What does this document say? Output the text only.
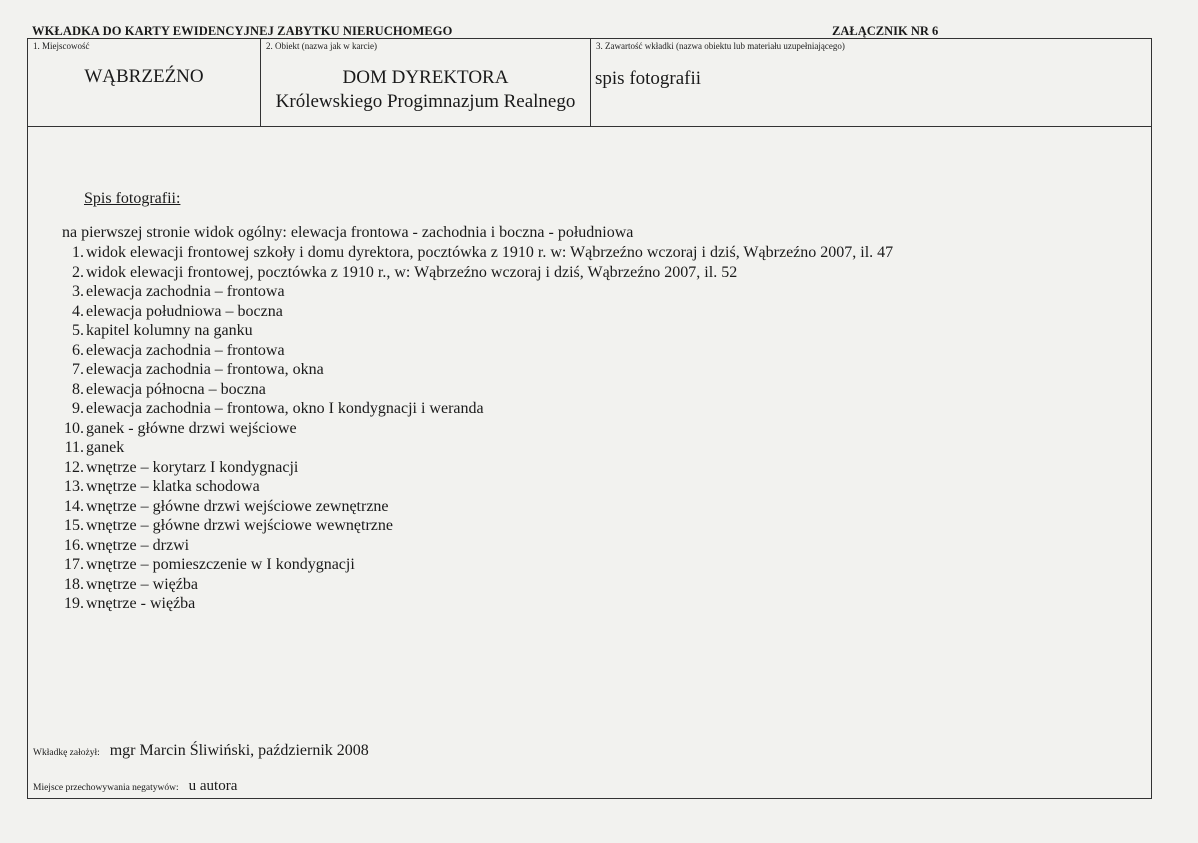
WKŁADKA DO KARTY EWIDENCYJNEJ ZABYTKU NIERUCHOMEGO	ZAŁĄCZNIK NR 6
1. Miejscowość
WĄBRZEŹNO
2. Obiekt (nazwa jak w karcie)
DOM DYREKTORA
Królewskiego Progimnazjum Realnego
3. Zawartość wkładki (nazwa obiektu lub materiału uzupełniającego)
spis fotografii
Spis fotografii:
na pierwszej stronie widok ogólny: elewacja frontowa - zachodnia i boczna - południowa
1. widok elewacji frontowej szkoły i domu dyrektora, pocztówka z 1910 r. w: Wąbrzeźno wczoraj i dziś, Wąbrzeźno 2007, il. 47
2. widok elewacji frontowej, pocztówka z 1910 r., w: Wąbrzeźno wczoraj i dziś, Wąbrzeźno 2007, il. 52
3. elewacja zachodnia – frontowa
4. elewacja południowa – boczna
5. kapitel kolumny na ganku
6. elewacja zachodnia – frontowa
7. elewacja zachodnia – frontowa, okna
8. elewacja północna – boczna
9. elewacja zachodnia – frontowa, okno I kondygnacji i weranda
10. ganek - główne drzwi wejściowe
11. ganek
12. wnętrze – korytarz I kondygnacji
13. wnętrze – klatka schodowa
14. wnętrze – główne drzwi wejściowe zewnętrzne
15. wnętrze – główne drzwi wejściowe wewnętrzne
16. wnętrze – drzwi
17. wnętrze – pomieszczenie w I kondygnacji
18. wnętrze – więźba
19. wnętrze - więźba
Wkładkę założył: mgr Marcin Śliwiński, październik 2008
Miejsce przechowywania negatywów: u autora
